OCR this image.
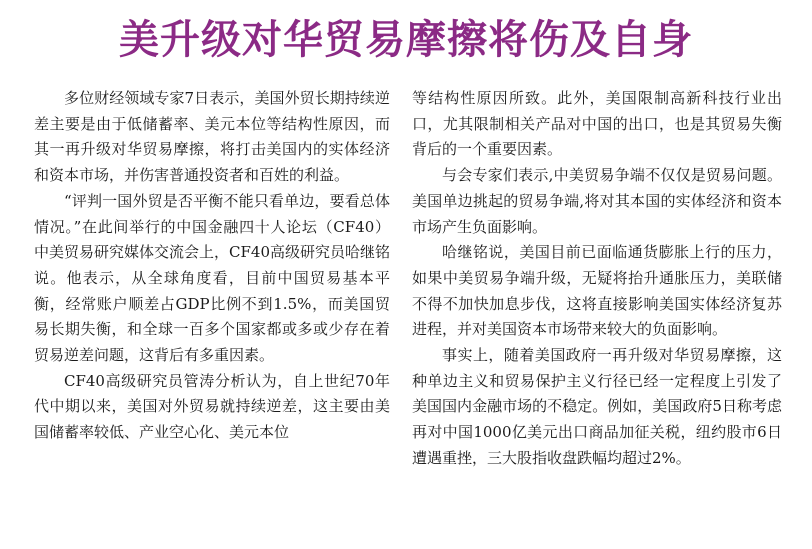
美升级对华贸易摩擦将伤及自身

多位财经领域专家7日表示，美国外贸长期持续逆差主要是由于低储蓄率、美元本位等结构性原因，而其一再升级对华贸易摩擦，将打击美国内的实体经济和资本市场，并伤害普通投资者和百姓的利益。

“评判一国外贸是否平衡不能只看单边，要看总体情况。”在此间举行的中国金融四十人论坛（CF40）中美贸易研究媒体交流会上，CF40高级研究员哈继铭说。他表示，从全球角度看，目前中国贸易基本平衡，经常账户顺差占GDP比例不到1.5%，而美国贸易长期失衡，和全球一百多个国家都或多或少存在着贸易逆差问题，这背后有多重因素。

CF40高级研究员管涛分析认为，自上世纪70年代中期以来，美国对外贸易就持续逆差，这主要由美国储蓄率较低、产业空心化、美元本位

等结构性原因所致。此外，美国限制高新科技行业出口，尤其限制相关产品对中国的出口，也是其贸易失衡背后的一个重要因素。

与会专家们表示,中美贸易争端不仅仅是贸易问题。美国单边挑起的贸易争端,将对其本国的实体经济和资本市场产生负面影响。

哈继铭说，美国目前已面临通货膨胀上行的压力，如果中美贸易争端升级，无疑将抬升通胀压力，美联储不得不加快加息步伐，这将直接影响美国实体经济复苏进程，并对美国资本市场带来较大的负面影响。

事实上，随着美国政府一再升级对华贸易摩擦，这种单边主义和贸易保护主义行径已经一定程度上引发了美国国内金融市场的不稳定。例如，美国政府5日称考虑再对中国1000亿美元出口商品加征关税，纽约股市6日遭遇重挫，三大股指收盘跌幅均超过2%。
